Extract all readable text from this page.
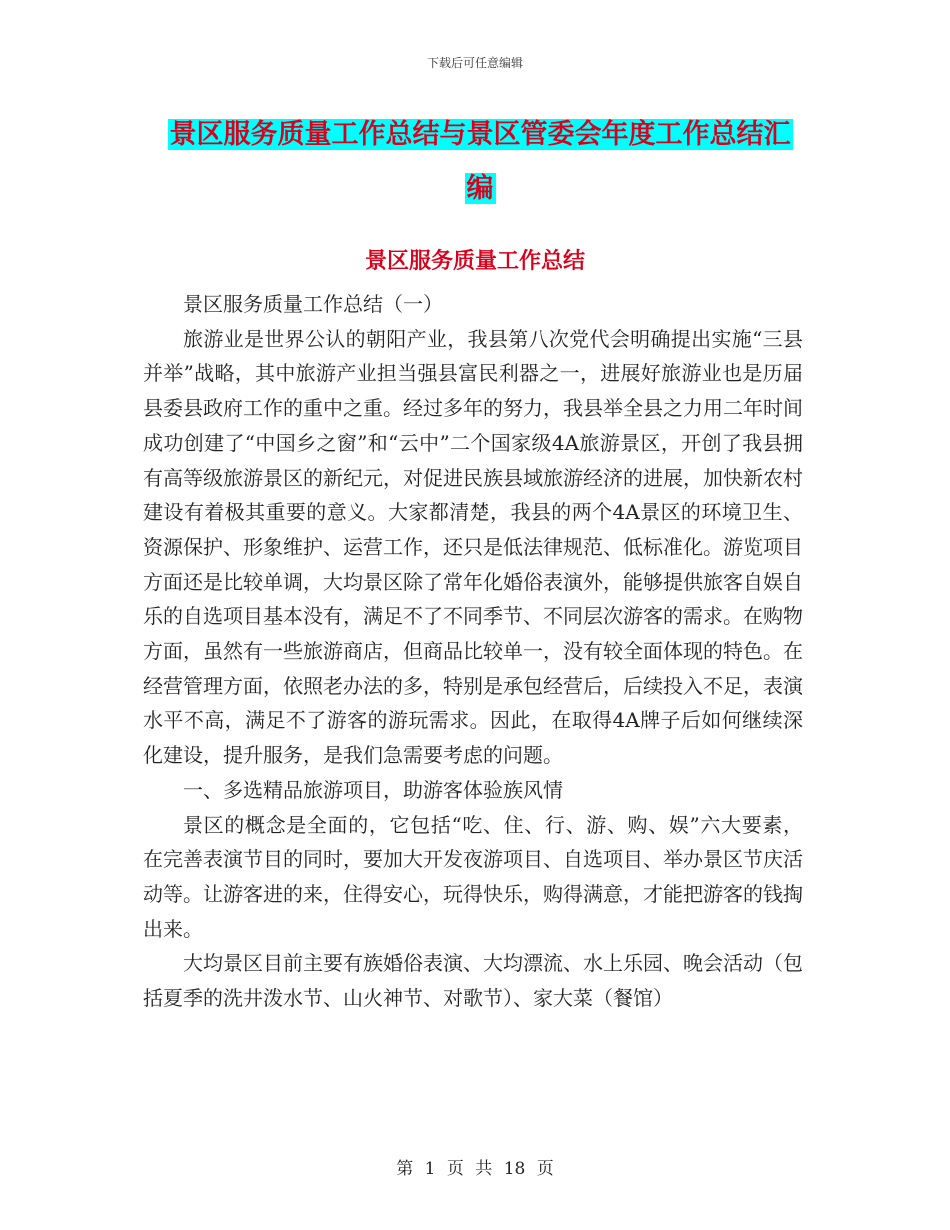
下载后可任意编辑
景区服务质量工作总结与景区管委会年度工作总结汇
编
景区服务质量工作总结

景区服务质量工作总结（一）

旅游业是世界公认的朝阳产业，我县第八次党代会明确提出实施“三县并举”战略，其中旅游产业担当强县富民利器之一，进展好旅游业也是历届县委县政府工作的重中之重。经过多年的努力，我县举全县之力用二年时间成功创建了“中国乡之窗”和“云中”二个国家级4A旅游景区，开创了我县拥有高等级旅游景区的新纪元，对促进民族县域旅游经济的进展，加快新农村建设有着极其重要的意义。大家都清楚，我县的两个4A景区的环境卫生、资源保护、形象维护、运营工作，还只是低法律规范、低标准化。游览项目方面还是比较单调，大均景区除了常年化婚俗表演外，能够提供旅客自娱自乐的自选项目基本没有，满足不了不同季节、不同层次游客的需求。在购物方面，虽然有一些旅游商店，但商品比较单一，没有较全面体现的特色。在经营管理方面，依照老办法的多，特别是承包经营后，后续投入不足，表演水平不高，满足不了游客的游玩需求。因此，在取得4A牌子后如何继续深化建设，提升服务，是我们急需要考虑的问题。

一、多选精品旅游项目，助游客体验族风情

景区的概念是全面的，它包括“吃、住、行、游、购、娱”六大要素，在完善表演节目的同时，要加大开发夜游项目、自选项目、举办景区节庆活动等。让游客进的来，住得安心，玩得快乐，购得满意，才能把游客的钱掏出来。

大均景区目前主要有族婚俗表演、大均漂流、水上乐园、晚会活动（包括夏季的洗井泼水节、山火神节、对歌节）、家大菜（餐馆）

第 1 页 共 18 页
